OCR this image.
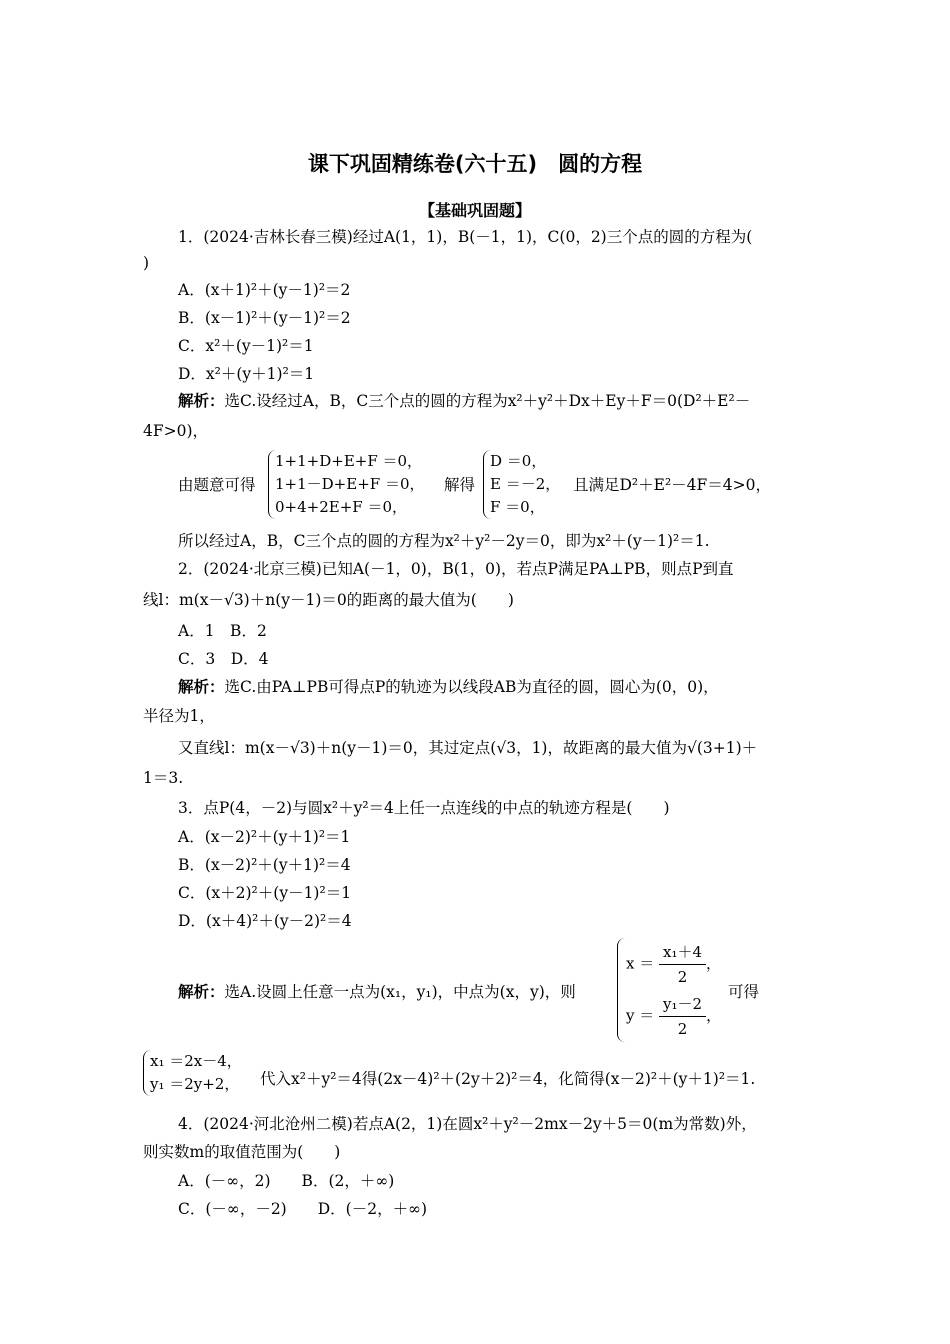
课下巩固精练卷(六十五)　圆的方程
【基础巩固题】
1．(2024·吉林长春三模)经过A(1，1)，B(－1，1)，C(0，2)三个点的圆的方程为(
)
A．(x＋1)²＋(y－1)²＝2
B．(x－1)²＋(y－1)²＝2
C．x²＋(y－1)²＝1
D．x²＋(y＋1)²＝1
解析：选C.设经过A，B，C三个点的圆的方程为x²＋y²＋Dx＋Ey＋F＝0(D²＋E²－
4F>0)，
由题意可得
1+1+D+E+F ＝0，
1+1－D+E+F ＝0，
0+4+2E+F ＝0，
解得
D ＝0，
E ＝－2，
F ＝0，
且满足D²＋E²－4F＝4>0，
所以经过A，B，C三个点的圆的方程为x²＋y²－2y＝0，即为x²＋(y－1)²＝1.
2．(2024·北京三模)已知A(－1，0)，B(1，0)，若点P满足PA⊥PB，则点P到直
线l：m(x－√3)＋n(y－1)＝0的距离的最大值为(　　)
A．1　B．2
C．3　D．4
解析：选C.由PA⊥PB可得点P的轨迹为以线段AB为直径的圆，圆心为(0，0)，
半径为1，
又直线l：m(x－√3)＋n(y－1)＝0，其过定点(√3，1)，故距离的最大值为√(3+1)＋
1＝3.
3．点P(4，－2)与圆x²＋y²＝4上任一点连线的中点的轨迹方程是(　　)
A．(x－2)²＋(y＋1)²＝1
B．(x－2)²＋(y＋1)²＝4
C．(x＋2)²＋(y－1)²＝1
D．(x＋4)²＋(y－2)²＝4
解析：选A.设圆上任意一点为(x₁，y₁)，中点为(x，y)，则
$x = \frac{\text{x₁＋4}}{2}$ ，
$y = \frac{\text{y₁－2}}{2}$ ，
可得
x₁ ＝2x－4，
y₁ ＝2y+2，	代入x²＋y²＝4得(2x－4)²＋(2y＋2)²＝4，化简得(x－2)²＋(y＋1)²＝1.
4．(2024·河北沧州二模)若点A(2，1)在圆x²＋y²－2mx－2y＋5＝0(m为常数)外，
则实数m的取值范围为(　　)
A．(－∞，2)　　B．(2，＋∞)
C．(－∞，－2)　　D．(－2，＋∞)
